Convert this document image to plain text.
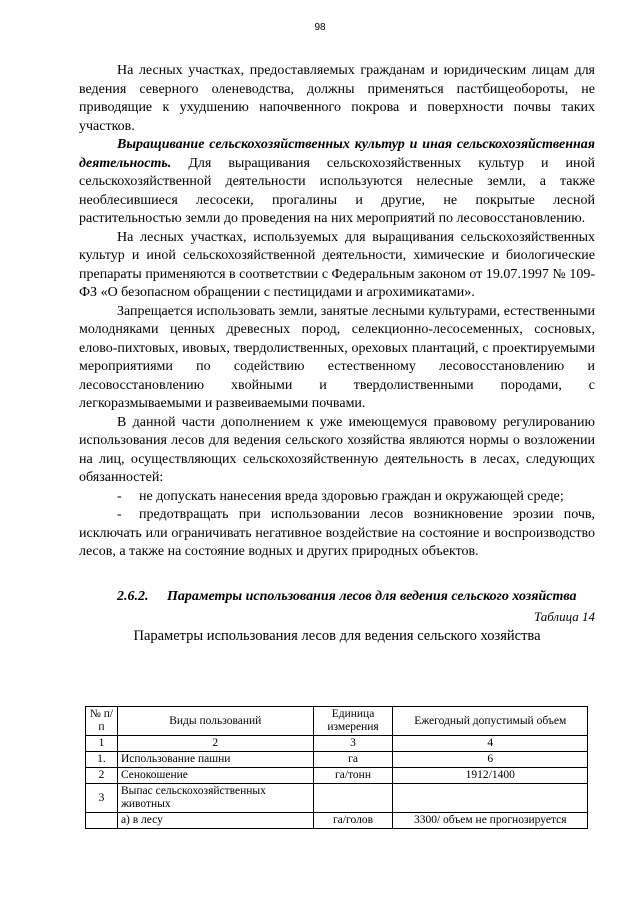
98

На лесных участках, предоставляемых гражданам и юридическим лицам для ведения северного оленеводства, должны применяться пастбищеобороты, не приводящие к ухудшению напочвенного покрова и поверхности почвы таких участков.

Выращивание сельскохозяйственных культур и иная сельскохозяйственная деятельность. Для выращивания сельскохозяйственных культур и иной сельскохозяйственной деятельности используются нелесные земли, а также необлесившиеся лесосеки, прогалины и другие, не покрытые лесной растительностью земли до проведения на них мероприятий по лесовосстановлению.

На лесных участках, используемых для выращивания сельскохозяйственных культур и иной сельскохозяйственной деятельности, химические и биологические препараты применяются в соответствии с Федеральным законом от 19.07.1997 № 109-ФЗ «О безопасном обращении с пестицидами и агрохимикатами».

Запрещается использовать земли, занятые лесными культурами, естественными молодняками ценных древесных пород, селекционно-лесосеменных, сосновых, елово-пихтовых, ивовых, твердолиственных, ореховых плантаций, с проектируемыми мероприятиями по содействию естественному лесовосстановлению и лесовосстановлению хвойными и твердолиственными породами, с легкоразмываемыми и развеиваемыми почвами.

В данной части дополнением к уже имеющемуся правовому регулированию использования лесов для ведения сельского хозяйства являются нормы о возложении на лиц, осуществляющих сельскохозяйственную деятельность в лесах, следующих обязанностей:

- не допускать нанесения вреда здоровью граждан и окружающей среде;

- предотвращать при использовании лесов возникновение эрозии почв, исключать или ограничивать негативное воздействие на состояние и воспроизводство лесов, а также на состояние водных и других природных объектов.

2.6.2.	Параметры использования лесов для ведения сельского хозяйства

Таблица 14

Параметры использования лесов для ведения сельского хозяйства

№ п/п	Виды пользований	Единица измерения	Ежегодный допустимый объем
1	2	3	4
1.	Использование пашни	га	6
2	Сенокошение	га/тонн	1912/1400
3	Выпас сельскохозяйственных животных		
	а) в лесу	га/голов	3300/ объем не прогнозируется
